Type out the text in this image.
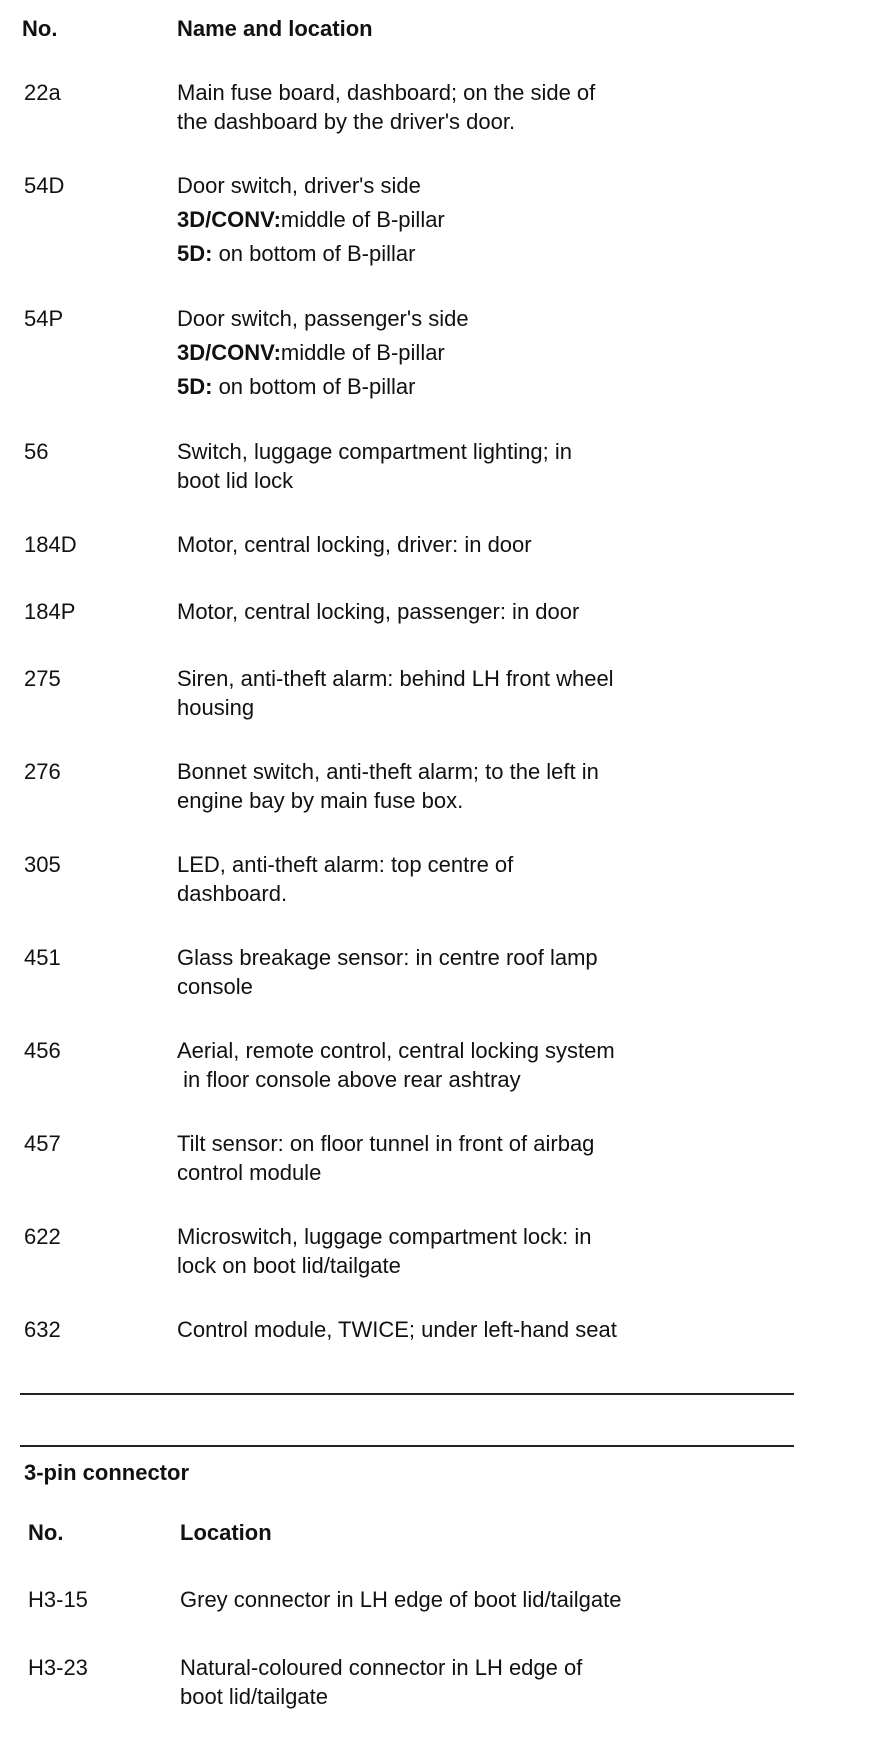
No.	Name and location
22a	Main fuse board, dashboard; on the side of
the dashboard by the driver's door.
54D	Door switch, driver's side
3D/CONV:middle of B-pillar
5D: on bottom of B-pillar
54P	Door switch, passenger's side
3D/CONV:middle of B-pillar
5D: on bottom of B-pillar
56	Switch, luggage compartment lighting; in
boot lid lock
184D	Motor, central locking, driver: in door
184P	Motor, central locking, passenger: in door
275	Siren, anti-theft alarm: behind LH front wheel
housing
276	Bonnet switch, anti-theft alarm; to the left in
engine bay by main fuse box.
305	LED, anti-theft alarm: top centre of
dashboard.
451	Glass breakage sensor: in centre roof lamp
console
456	Aerial, remote control, central locking system
in floor console above rear ashtray
457	Tilt sensor: on floor tunnel in front of airbag
control module
622	Microswitch, luggage compartment lock: in
lock on boot lid/tailgate
632	Control module, TWICE; under left-hand seat
3-pin connector
No.	Location
H3-15	Grey connector in LH edge of boot lid/tailgate
H3-23	Natural-coloured connector in LH edge of
boot lid/tailgate
